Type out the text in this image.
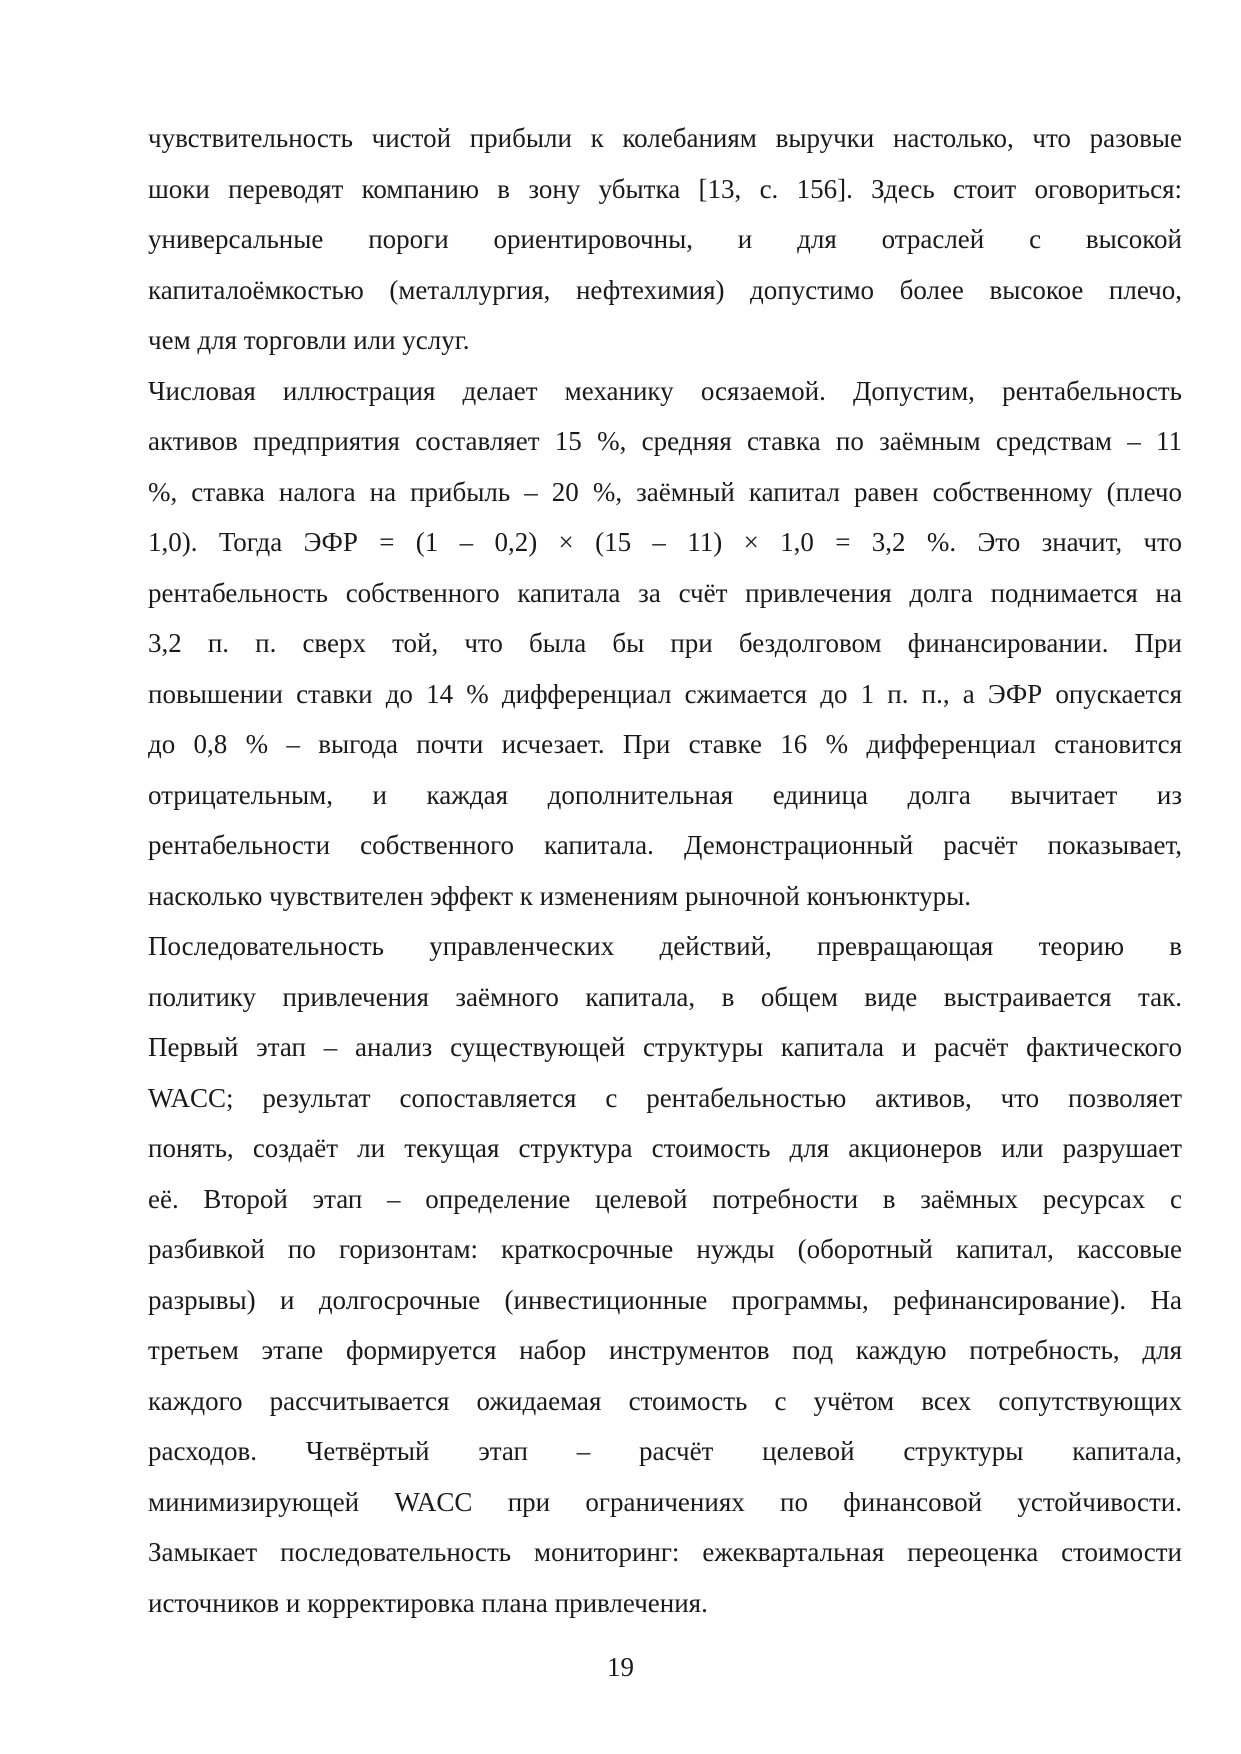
чувствительность чистой прибыли к колебаниям выручки настолько, что разовые
шоки переводят компанию в зону убытка [13, с. 156]. Здесь стоит оговориться:
универсальные пороги ориентировочны, и для отраслей с высокой
капиталоёмкостью (металлургия, нефтехимия) допустимо более высокое плечо,
чем для торговли или услуг.
Числовая иллюстрация делает механику осязаемой. Допустим, рентабельность
активов предприятия составляет 15 %, средняя ставка по заёмным средствам – 11
%, ставка налога на прибыль – 20 %, заёмный капитал равен собственному (плечо
1,0). Тогда ЭФР = (1 – 0,2) × (15 – 11) × 1,0 = 3,2 %. Это значит, что
рентабельность собственного капитала за счёт привлечения долга поднимается на
3,2 п. п. сверх той, что была бы при бездолговом финансировании. При
повышении ставки до 14 % дифференциал сжимается до 1 п. п., а ЭФР опускается
до 0,8 % – выгода почти исчезает. При ставке 16 % дифференциал становится
отрицательным, и каждая дополнительная единица долга вычитает из
рентабельности собственного капитала. Демонстрационный расчёт показывает,
насколько чувствителен эффект к изменениям рыночной конъюнктуры.
Последовательность управленческих действий, превращающая теорию в
политику привлечения заёмного капитала, в общем виде выстраивается так.
Первый этап – анализ существующей структуры капитала и расчёт фактического
WACC; результат сопоставляется с рентабельностью активов, что позволяет
понять, создаёт ли текущая структура стоимость для акционеров или разрушает
её. Второй этап – определение целевой потребности в заёмных ресурсах с
разбивкой по горизонтам: краткосрочные нужды (оборотный капитал, кассовые
разрывы) и долгосрочные (инвестиционные программы, рефинансирование). На
третьем этапе формируется набор инструментов под каждую потребность, для
каждого рассчитывается ожидаемая стоимость с учётом всех сопутствующих
расходов. Четвёртый этап – расчёт целевой структуры капитала,
минимизирующей WACC при ограничениях по финансовой устойчивости.
Замыкает последовательность мониторинг: ежеквартальная переоценка стоимости
источников и корректировка плана привлечения.
19
